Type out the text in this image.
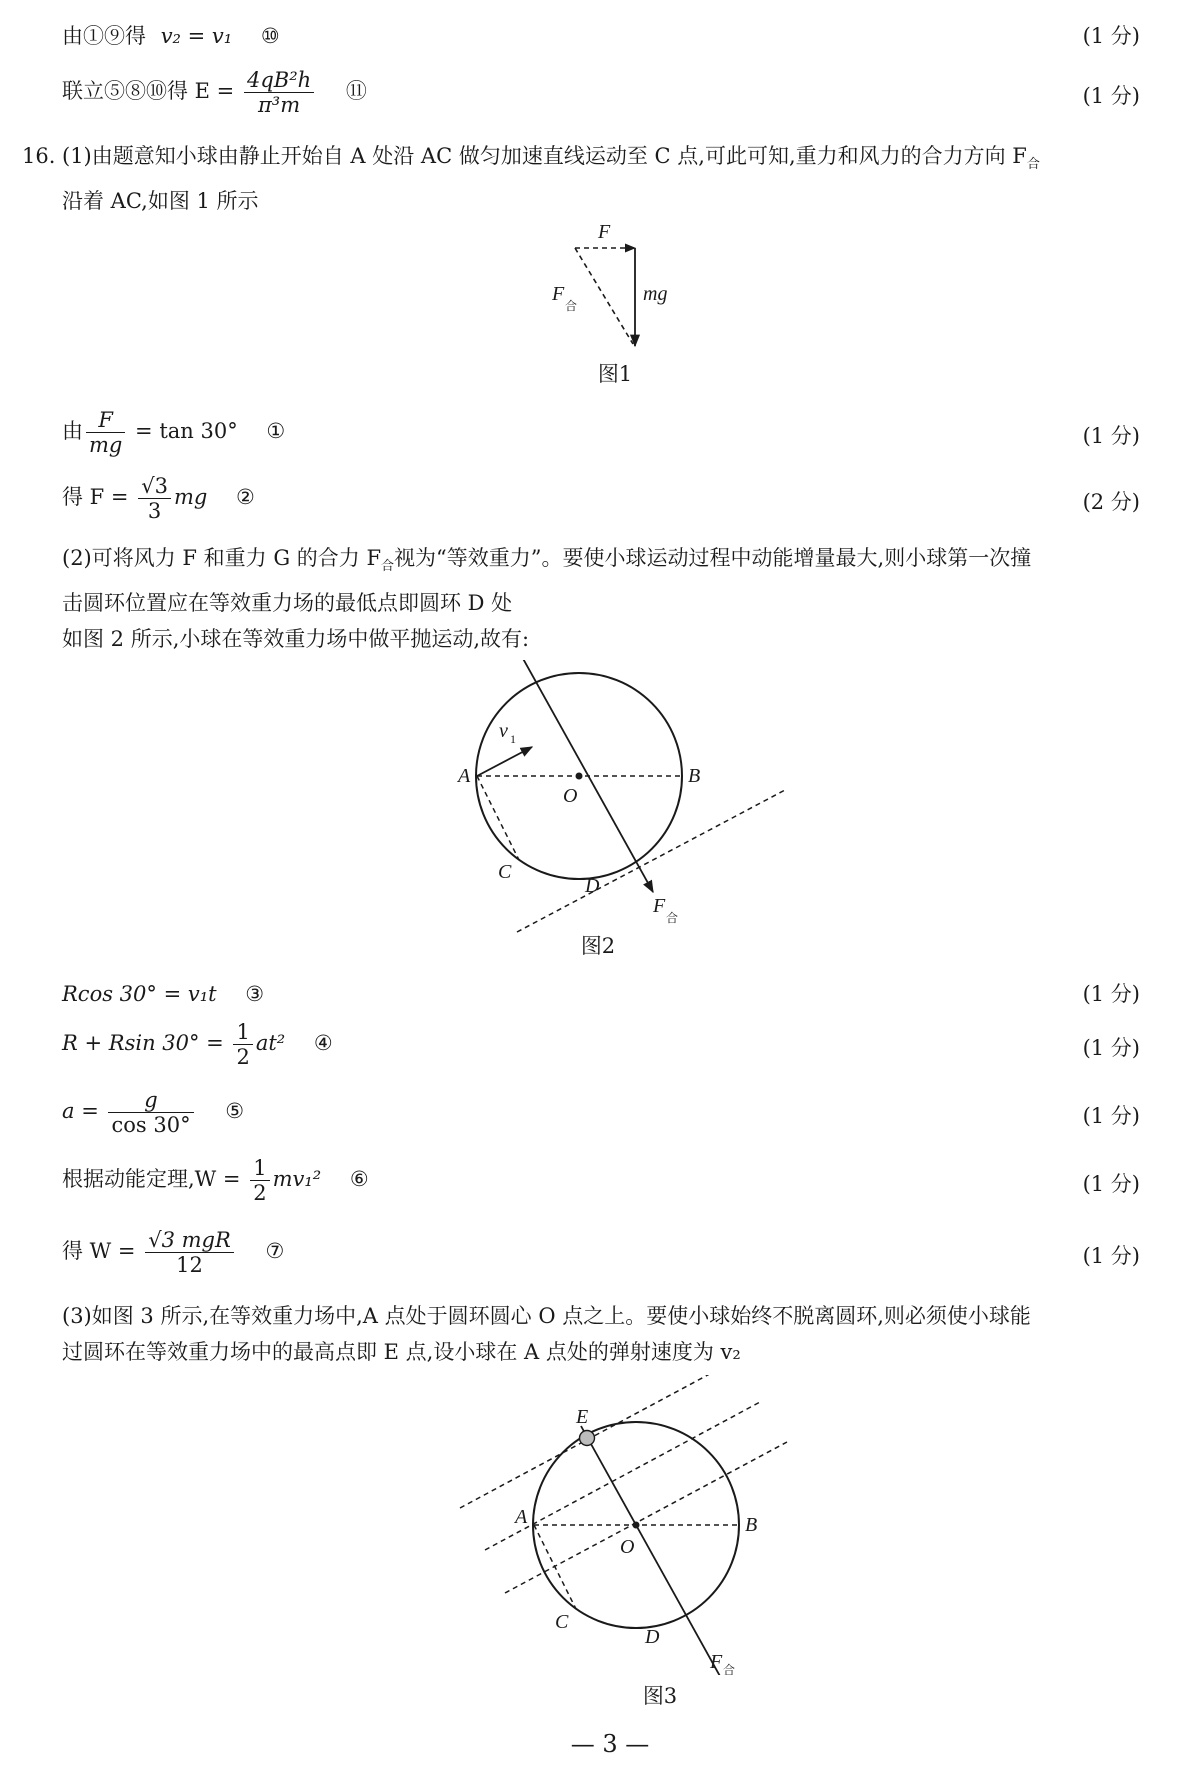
由①⑨得 v₂ = v₁ ⑩	(1 分)
联立⑤⑧⑩得 $E = \frac{\text{4qB²h}}{\text{π³m}}$ ⑪	(1 分)
16. (1)由题意知小球由静止开始自 A 处沿 AC 做匀加速直线运动至 C 点,可此可知,重力和风力的合力方向 $F_合$
沿着 AC,如图 1 所示
F
mg
F
合
图1
由 $\frac{F}{mg} = \tan 30^\circ$ ①	(1 分)
得 $F = \frac{√3}{3}$ mg ②	(2 分)
(2)可将风力 F 和重力 G 的合力 $F_合$视为“等效重力”。要使小球运动过程中动能增量最大,则小球第一次撞
击圆环位置应在等效重力场的最低点即圆环 D 处
如图 2 所示,小球在等效重力场中做平抛运动,故有:
A	B
O
C
D
v 1
F
合
图2
Rcos 30° = v₁t ③	(1 分)
R + Rsin $30^\circ = \frac{1}{2} at^2$ ④	(1 分)
$a = \frac{g}{\cos 30^\circ}$ ⑤	(1 分)
根据动能定理$,W = \frac{1}{2} mv_1^2$ ⑥	(1 分)
得 $W = \frac{\text{√3 mgR}}{12}$ ⑦	(1 分)
(3)如图 3 所示,在等效重力场中,A 点处于圆环圆心 O 点之上。要使小球始终不脱离圆环,则必须使小球能
过圆环在等效重力场中的最高点即 E 点,设小球在 A 点处的弹射速度为 v₂
E
A	B
O
C
D
F 合
图3
— 3 —
